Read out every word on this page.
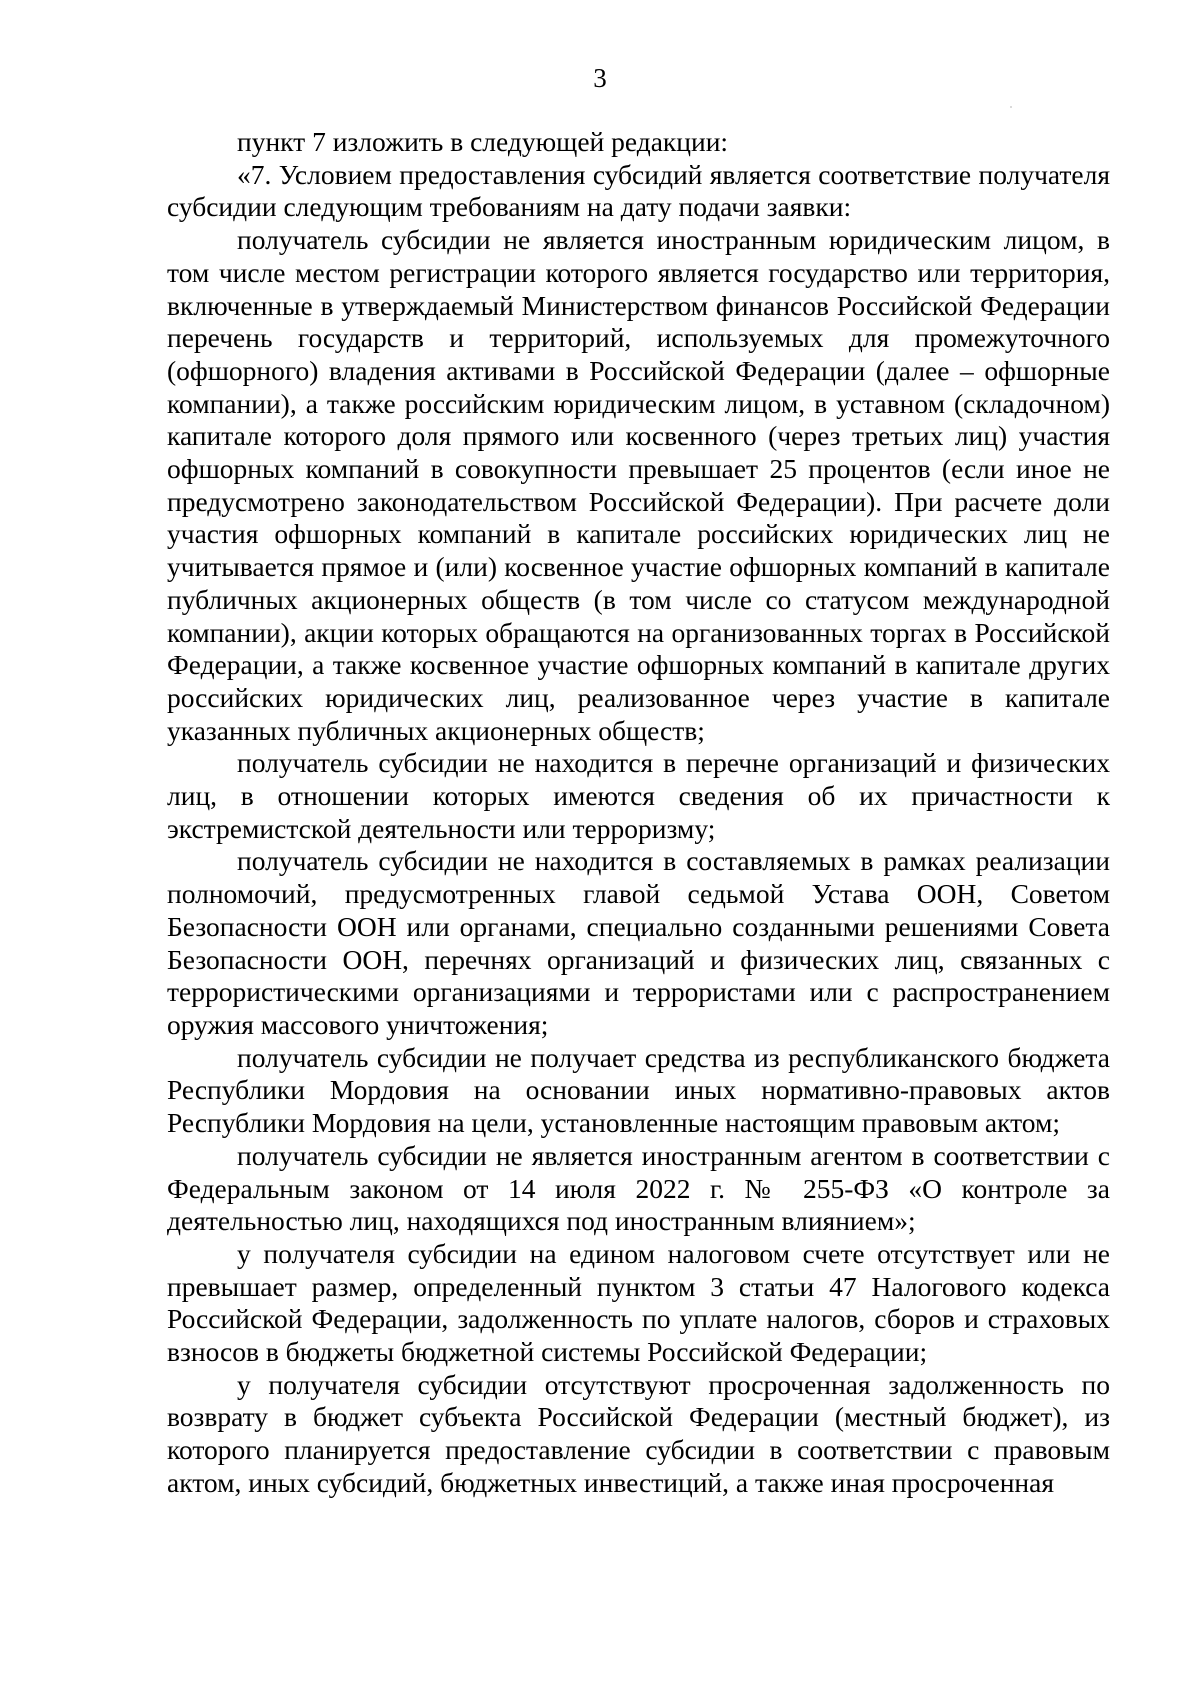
3

пункт 7 изложить в следующей редакции:

«7. Условием предоставления субсидий является соответствие получателя субсидии следующим требованиям на дату подачи заявки:

получатель субсидии не является иностранным юридическим лицом, в том числе местом регистрации которого является государство или территория, включенные в утверждаемый Министерством финансов Российской Федерации перечень государств и территорий, используемых для промежуточного (офшорного) владения активами в Российской Федерации (далее – офшорные компании), а также российским юридическим лицом, в уставном (складочном) капитале которого доля прямого или косвенного (через третьих лиц) участия офшорных компаний в совокупности превышает 25 процентов (если иное не предусмотрено законодательством Российской Федерации). При расчете доли участия офшорных компаний в капитале российских юридических лиц не учитывается прямое и (или) косвенное участие офшорных компаний в капитале публичных акционерных обществ (в том числе со статусом международной компании), акции которых обращаются на организованных торгах в Российской Федерации, а также косвенное участие офшорных компаний в капитале других российских юридических лиц, реализованное через участие в капитале указанных публичных акционерных обществ;

получатель субсидии не находится в перечне организаций и физических лиц, в отношении которых имеются сведения об их причастности к экстремистской деятельности или терроризму;

получатель субсидии не находится в составляемых в рамках реализации полномочий, предусмотренных главой седьмой Устава ООН, Советом Безопасности ООН или органами, специально созданными решениями Совета Безопасности ООН, перечнях организаций и физических лиц, связанных с террористическими организациями и террористами или с распространением оружия массового уничтожения;

получатель субсидии не получает средства из республиканского бюджета Республики Мордовия на основании иных нормативно-правовых актов Республики Мордовия на цели, установленные настоящим правовым актом;

получатель субсидии не является иностранным агентом в соответствии с Федеральным законом от 14 июля 2022 г. № 255-ФЗ «О контроле за деятельностью лиц, находящихся под иностранным влиянием»;

у получателя субсидии на едином налоговом счете отсутствует или не превышает размер, определенный пунктом 3 статьи 47 Налогового кодекса Российской Федерации, задолженность по уплате налогов, сборов и страховых взносов в бюджеты бюджетной системы Российской Федерации;

у получателя субсидии отсутствуют просроченная задолженность по возврату в бюджет субъекта Российской Федерации (местный бюджет), из которого планируется предоставление субсидии в соответствии с правовым актом, иных субсидий, бюджетных инвестиций, а также иная просроченная
